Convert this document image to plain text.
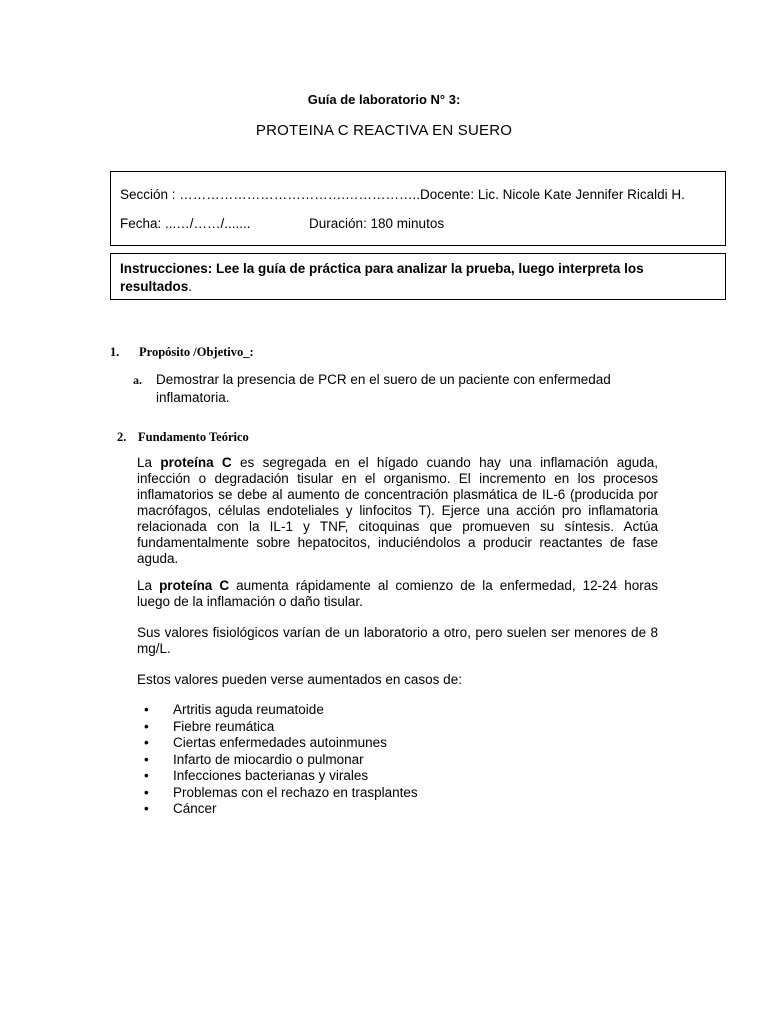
Guía de laboratorio N° 3:
PROTEINA C REACTIVA EN SUERO
Sección : ……………………………….……………..Docente: Lic. Nicole Kate Jennifer Ricaldi H.
Fecha: ...…/……/.......	Duración: 180 minutos
Instrucciones: Lee la guía de práctica para analizar la prueba, luego interpreta los resultados.
1. Propósito /Objetivo_:
a. Demostrar la presencia de PCR en el suero de un paciente con enfermedad inflamatoria.
2. Fundamento Teórico
La proteína C es segregada en el hígado cuando hay una inflamación aguda, infección o degradación tisular en el organismo. El incremento en los procesos inflamatorios se debe al aumento de concentración plasmática de IL-6 (producida por macrófagos, células endoteliales y linfocitos T). Ejerce una acción pro inflamatoria relacionada con la IL-1 y TNF, citoquinas que promueven su síntesis. Actúa fundamentalmente sobre hepatocitos, induciéndolos a producir reactantes de fase aguda.
La proteína C aumenta rápidamente al comienzo de la enfermedad, 12-24 horas luego de la inflamación o daño tisular.
Sus valores fisiológicos varían de un laboratorio a otro, pero suelen ser menores de 8 mg/L.
Estos valores pueden verse aumentados en casos de:
• Artritis aguda reumatoide
• Fiebre reumática
• Ciertas enfermedades autoinmunes
• Infarto de miocardio o pulmonar
• Infecciones bacterianas y virales
• Problemas con el rechazo en trasplantes
• Cáncer
